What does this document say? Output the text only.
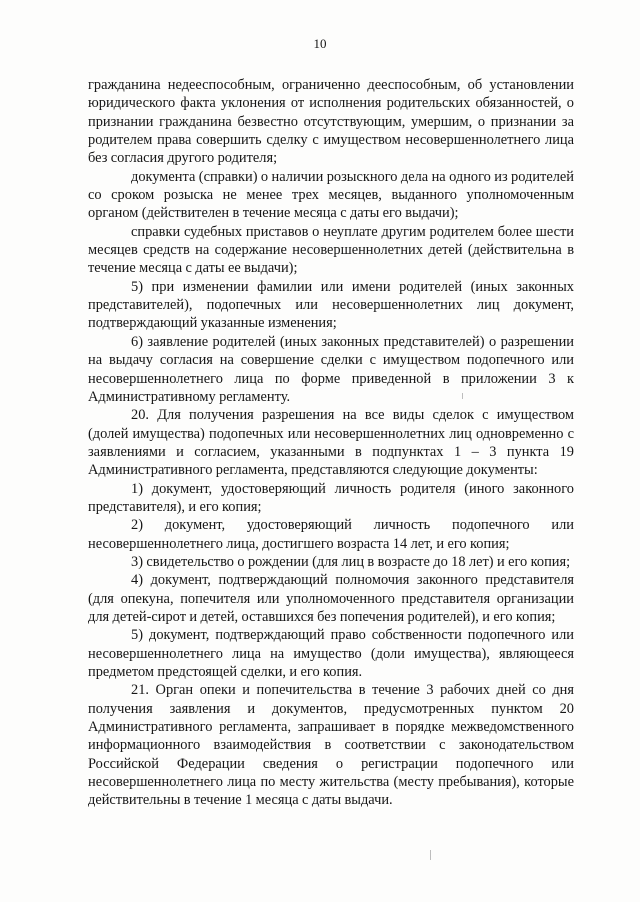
10

гражданина недееспособным, ограниченно дееспособным, об установлении юридического факта уклонения от исполнения родительских обязанностей, о признании гражданина безвестно отсутствующим, умершим, о признании за родителем права совершить сделку с имуществом несовершеннолетнего лица без согласия другого родителя;

документа (справки) о наличии розыскного дела на одного из родителей со сроком розыска не менее трех месяцев, выданного уполномоченным органом (действителен в течение месяца с даты его выдачи);

справки судебных приставов о неуплате другим родителем более шести месяцев средств на содержание несовершеннолетних детей (действительна в течение месяца с даты ее выдачи);

5) при изменении фамилии или имени родителей (иных законных представителей), подопечных или несовершеннолетних лиц документ, подтверждающий указанные изменения;

6) заявление родителей (иных законных представителей) о разрешении на выдачу согласия на совершение сделки с имуществом подопечного или несовершеннолетнего лица по форме приведенной в приложении 3 к Административному регламенту.

20. Для получения разрешения на все виды сделок с имуществом (долей имущества) подопечных или несовершеннолетних лиц одновременно с заявлениями и согласием, указанными в подпунктах 1 – 3 пункта 19 Административного регламента, представляются следующие документы:

1) документ, удостоверяющий личность родителя (иного законного представителя), и его копия;

2) документ, удостоверяющий личность подопечного или несовершеннолетнего лица, достигшего возраста 14 лет, и его копия;

3) свидетельство о рождении (для лиц в возрасте до 18 лет) и его копия;

4) документ, подтверждающий полномочия законного представителя (для опекуна, попечителя или уполномоченного представителя организации для детей-сирот и детей, оставшихся без попечения родителей), и его копия;

5) документ, подтверждающий право собственности подопечного или несовершеннолетнего лица на имущество (доли имущества), являющееся предметом предстоящей сделки, и его копия.

21. Орган опеки и попечительства в течение 3 рабочих дней со дня получения заявления и документов, предусмотренных пунктом 20 Административного регламента, запрашивает в порядке межведомственного информационного взаимодействия в соответствии с законодательством Российской Федерации сведения о регистрации подопечного или несовершеннолетнего лица по месту жительства (месту пребывания), которые действительны в течение 1 месяца с даты выдачи.
